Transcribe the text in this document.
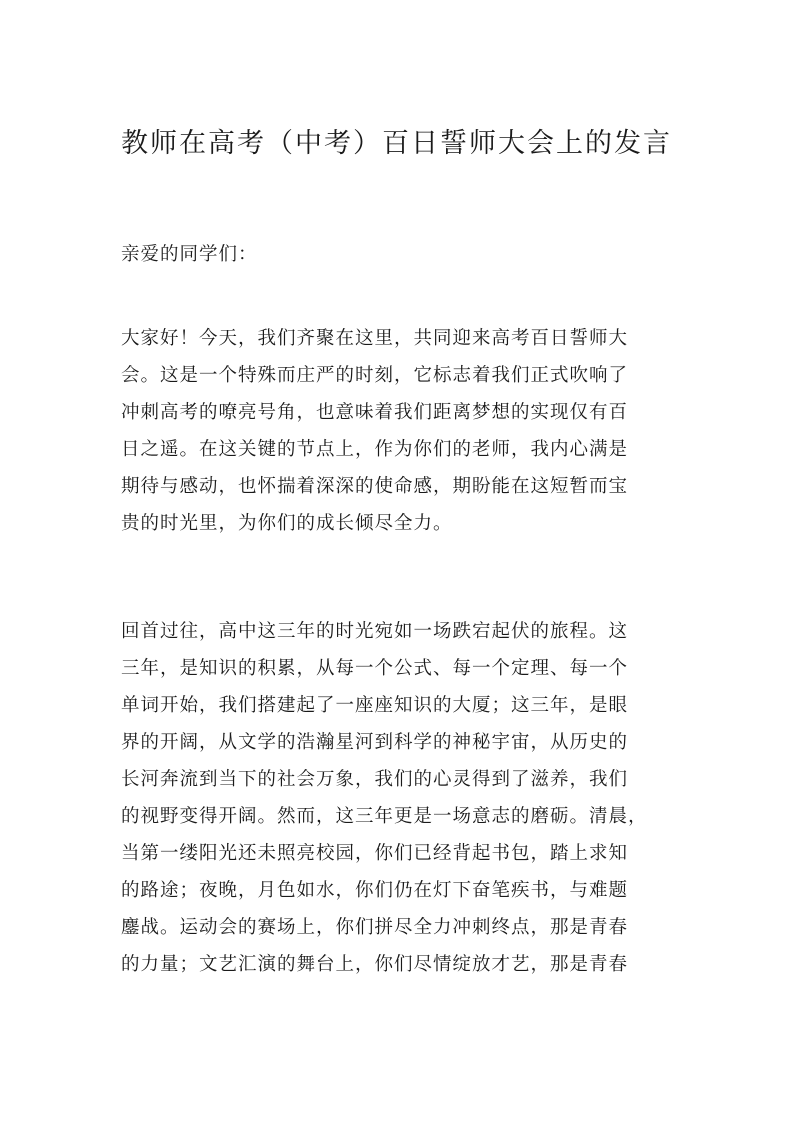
教师在高考（中考）百日誓师大会上的发言
亲爱的同学们：
大家好！今天，我们齐聚在这里，共同迎来高考百日誓师大
会。这是一个特殊而庄严的时刻，它标志着我们正式吹响了
冲刺高考的嘹亮号角，也意味着我们距离梦想的实现仅有百
日之遥。在这关键的节点上，作为你们的老师，我内心满是
期待与感动，也怀揣着深深的使命感，期盼能在这短暂而宝
贵的时光里，为你们的成长倾尽全力。
回首过往，高中这三年的时光宛如一场跌宕起伏的旅程。这
三年，是知识的积累，从每一个公式、每一个定理、每一个
单词开始，我们搭建起了一座座知识的大厦；这三年，是眼
界的开阔，从文学的浩瀚星河到科学的神秘宇宙，从历史的
长河奔流到当下的社会万象，我们的心灵得到了滋养，我们
的视野变得开阔。然而，这三年更是一场意志的磨砺。清晨，
当第一缕阳光还未照亮校园，你们已经背起书包，踏上求知
的路途；夜晚，月色如水，你们仍在灯下奋笔疾书，与难题
鏖战。运动会的赛场上，你们拼尽全力冲刺终点，那是青春
的力量；文艺汇演的舞台上，你们尽情绽放才艺，那是青春
